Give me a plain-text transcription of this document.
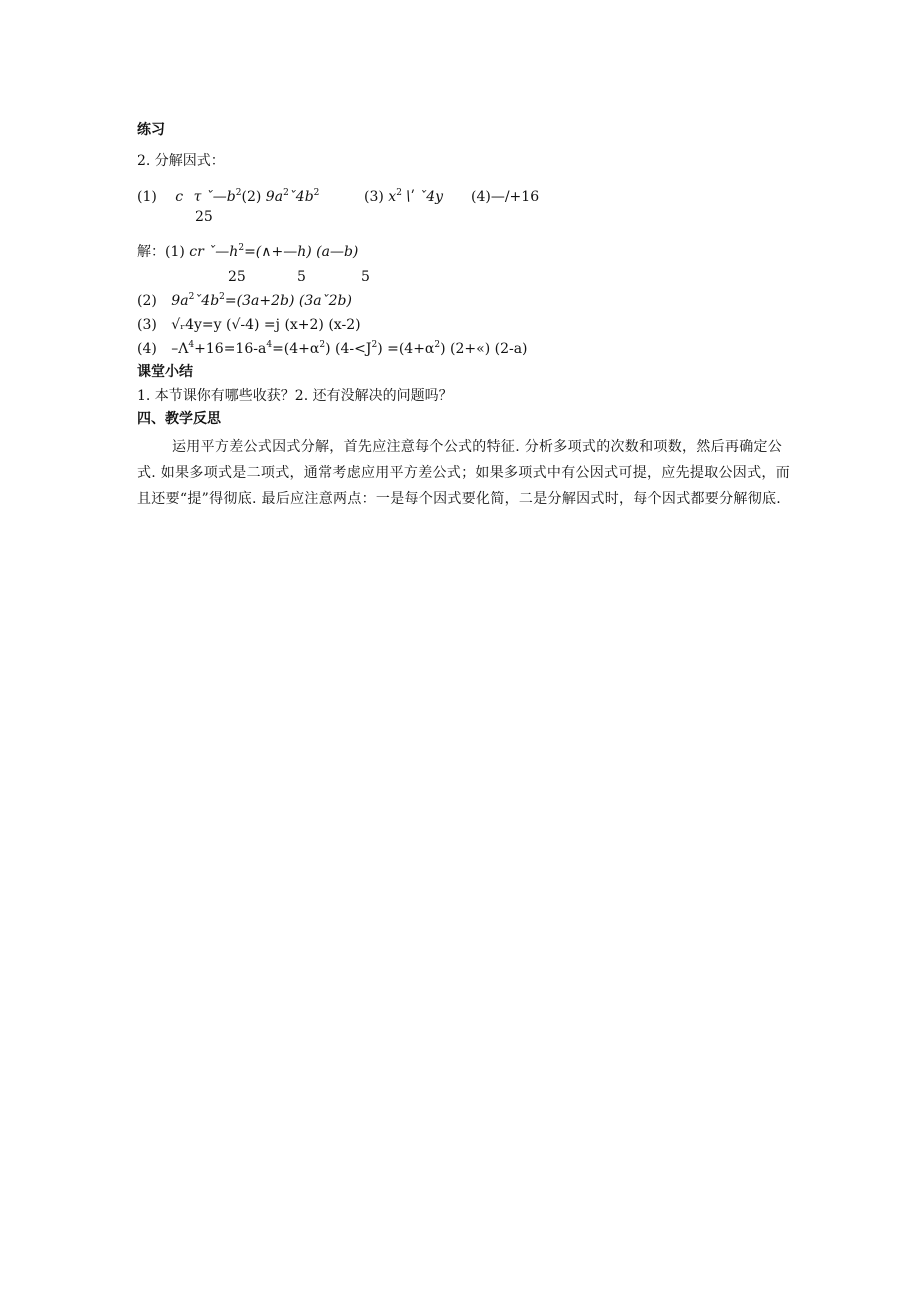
练习
2. 分解因式：
(1) c τ $ˇ—b^2(2)$ $9a^2ˇ4b^2$	(3) $x^2∖ʹ$ ˇ4y (4)—/+16
25
解：(1) cr $ˇ—h^2=(\wedge+—h)$ (a—b)
25	5	5
(2) $9a^2ˇ4b^2=(3a+2b)$ (3aˇ2b)
(3) √ᵣ4y=y (√-4) =j (x+2) (x-2)
(4) $-\Lambda^4+16=16-a^4=(4+\alpha^2)$ $(4-<J^2) =(4+\alpha^2)$ (2+«) (2-a)
课堂小结
1. 本节课你有哪些收获？2. 还有没解决的问题吗？
四、教学反思
运用平方差公式因式分解，首先应注意每个公式的特征. 分析多项式的次数和项数，然后再确定公式. 如果多项式是二项式，通常考虑应用平方差公式；如果多项式中有公因式可提，应先提取公因式，而且还要“提”得彻底. 最后应注意两点：一是每个因式要化简，二是分解因式时，每个因式都要分解彻底.
